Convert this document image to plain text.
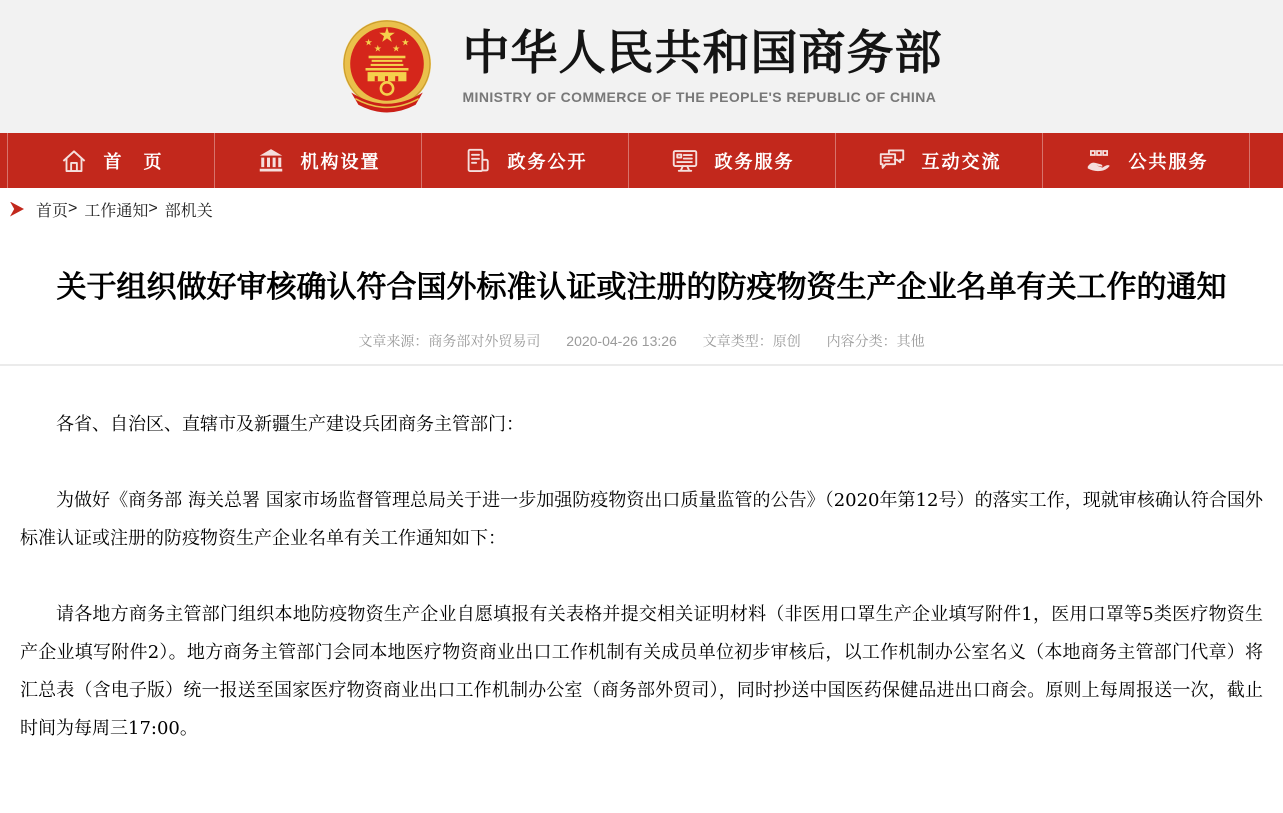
中华人民共和国商务部
MINISTRY OF COMMERCE OF THE PEOPLE'S REPUBLIC OF CHINA
首　页	机构设置	政务公开	政务服务	互动交流	公共服务
首页 > 工作通知 > 部机关
关于组织做好审核确认符合国外标准认证或注册的防疫物资生产企业名单有关工作的通知
文章来源：商务部对外贸易司 2020-04-26 13:26 文章类型：原创 内容分类：其他

各省、自治区、直辖市及新疆生产建设兵团商务主管部门：

为做好《商务部 海关总署 国家市场监督管理总局关于进一步加强防疫物资出口质量监管的公告》（2020年第12号）的落实工作，现就审核确认符合国外标准认证或注册的防疫物资生产企业名单有关工作通知如下：

请各地方商务主管部门组织本地防疫物资生产企业自愿填报有关表格并提交相关证明材料（非医用口罩生产企业填写附件1，医用口罩等5类医疗物资生产企业填写附件2）。地方商务主管部门会同本地医疗物资商业出口工作机制有关成员单位初步审核后，以工作机制办公室名义（本地商务主管部门代章）将汇总表（含电子版）统一报送至国家医疗物资商业出口工作机制办公室（商务部外贸司），同时抄送中国医药保健品进出口商会。原则上每周报送一次，截止时间为每周三17:00。
